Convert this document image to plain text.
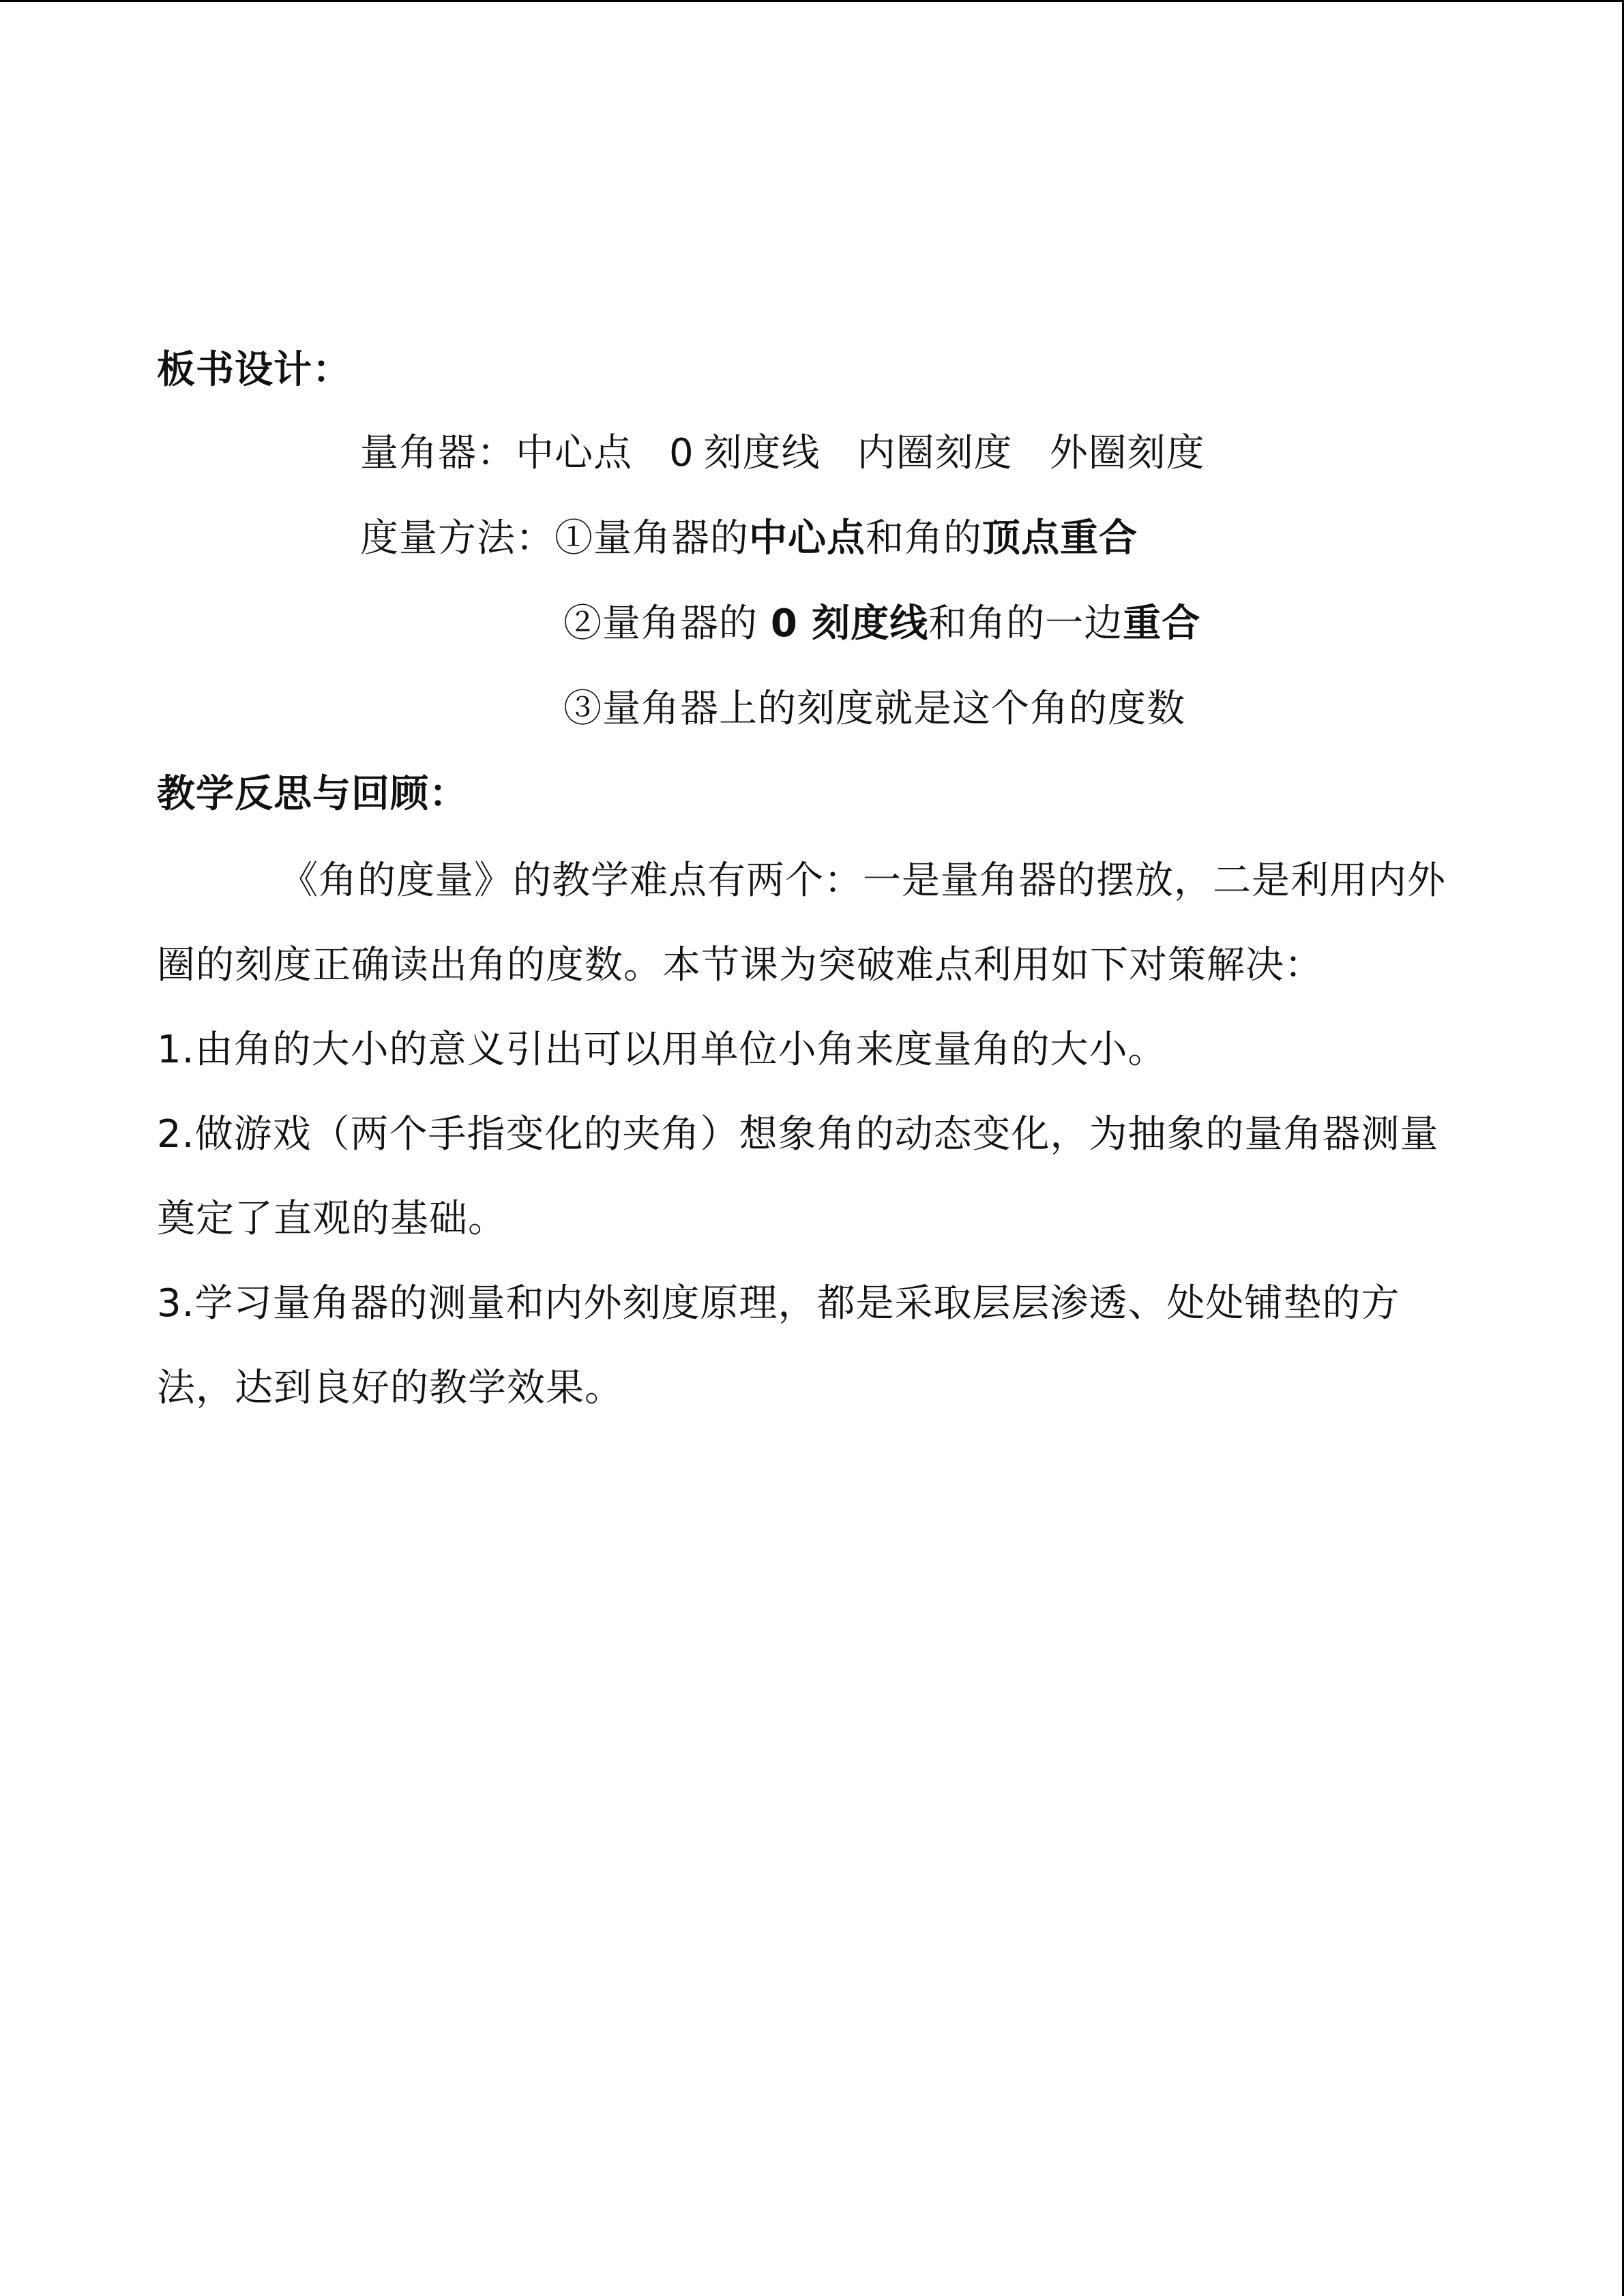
板书设计：
量角器：中心点 0 刻度线 内圈刻度 外圈刻度
度量方法：①量角器的中心点和角的顶点重合
②量角器的 0 刻度线和角的一边重合
③量角器上的刻度就是这个角的度数
教学反思与回顾：
《角的度量》的教学难点有两个：一是量角器的摆放，二是利用内外圈的刻度正确读出角的度数。本节课为突破难点利用如下对策解决：
1.由角的大小的意义引出可以用单位小角来度量角的大小。
2.做游戏（两个手指变化的夹角）想象角的动态变化，为抽象的量角器测量奠定了直观的基础。
3.学习量角器的测量和内外刻度原理，都是采取层层渗透、处处铺垫的方法，达到良好的教学效果。
